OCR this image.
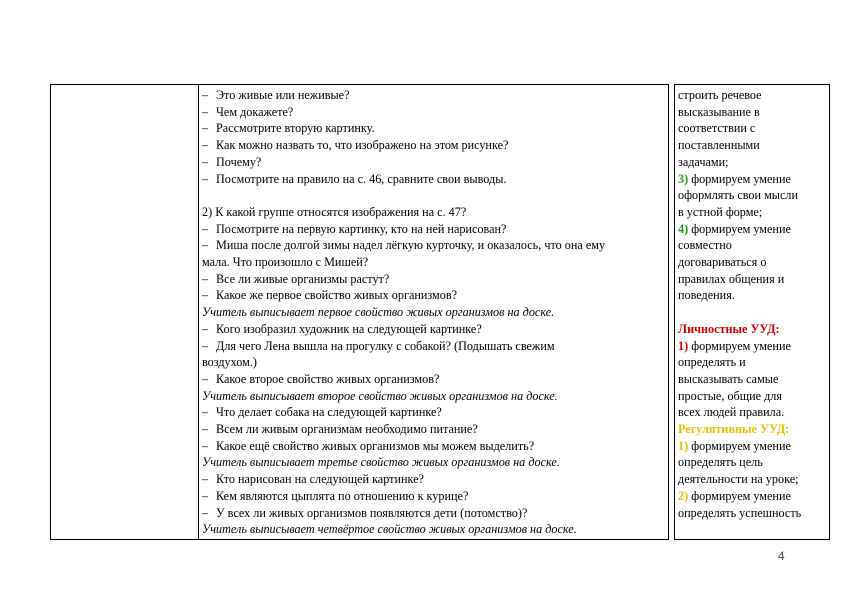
– Это живые или неживые?
– Чем докажете?
– Рассмотрите вторую картинку.
– Как можно назвать то, что изображено на этом рисунке?
– Почему?
– Посмотрите на правило на с. 46, сравните свои выводы.
2) К какой группе относятся изображения на с. 47?
– Посмотрите на первую картинку, кто на ней нарисован?
– Миша после долгой зимы надел лёгкую курточку, и оказалось, что она ему
мала. Что произошло с Мишей?
– Все ли живые организмы растут?
– Какое же первое свойство живых организмов?
Учитель выписывает первое свойство живых организмов на доске.
– Кого изобразил художник на следующей картинке?
– Для чего Лена вышла на прогулку с собакой? (Подышать свежим
воздухом.)
– Какое второе свойство живых организмов?
Учитель выписывает второе свойство живых организмов на доске.
– Что делает собака на следующей картинке?
– Всем ли живым организмам необходимо питание?
– Какое ещё свойство живых организмов мы можем выделить?
Учитель выписывает третье свойство живых организмов на доске.
– Кто нарисован на следующей картинке?
– Кем являются цыплята по отношению к курице?
– У всех ли живых организмов появляются дети (потомство)?
Учитель выписывает четвёртое свойство живых организмов на доске.
строить речевое
высказывание в
соответствии с
поставленными
задачами;
3) формируем умение
оформлять свои мысли
в устной форме;
4) формируем умение
совместно
договариваться о
правилах общения и
поведения.
Личностные УУД:
1) формируем умение
определять и
высказывать самые
простые, общие для
всех людей правила.
Регулятивные УУД:
1) формируем умение
определять цель
деятельности на уроке;
2) формируем умение
определять успешность
4
